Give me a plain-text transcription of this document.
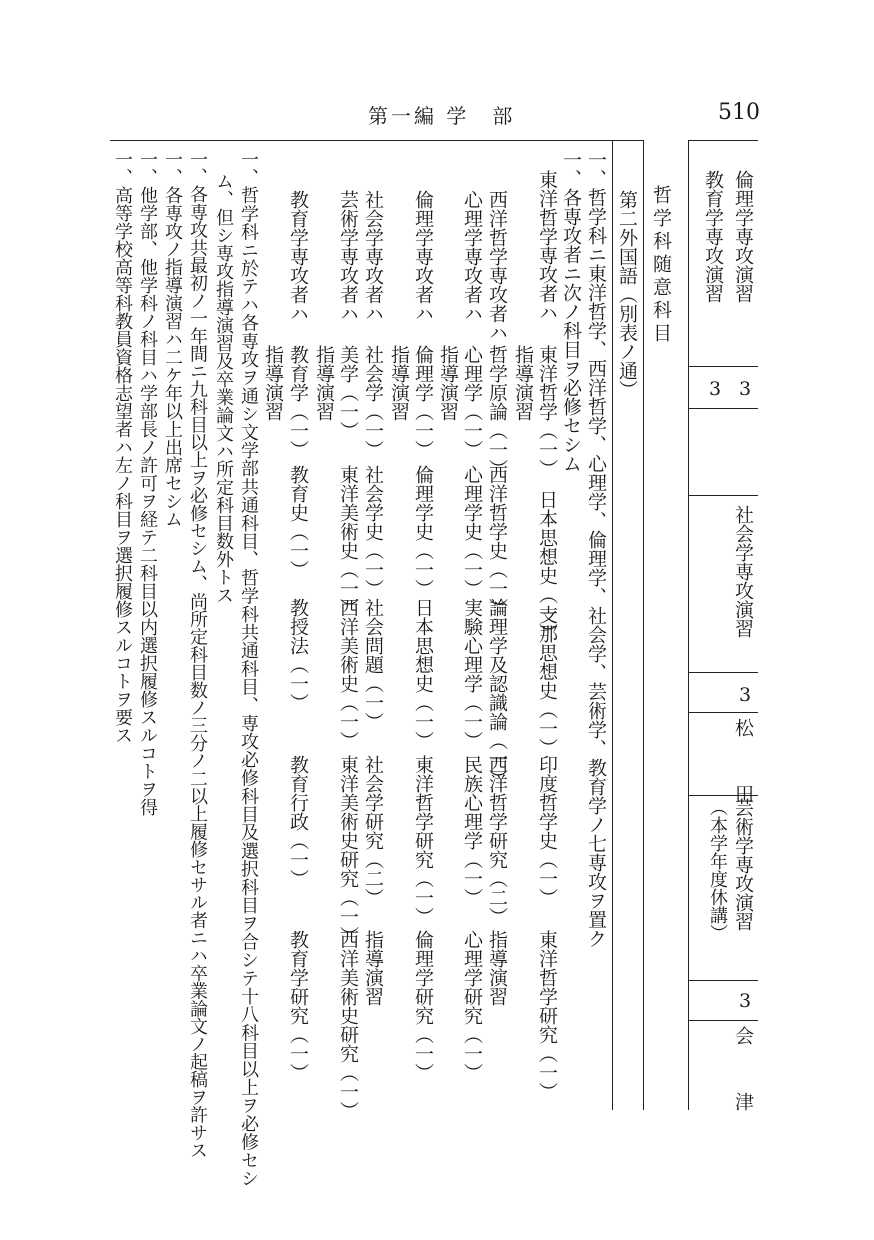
第一編 学　部	510
倫理学専攻演習
教育学専攻演習
3
3
社会学専攻演習
3
松　田
芸術学専攻演習
（本学年度休講）
3
会　津
哲学科随意科目
第二外国語（別表ノ通）
一、哲学科ニ東洋哲学、西洋哲学、心理学、倫理学、社会学、芸術学、教育学ノ七専攻ヲ置ク
一、各専攻者ニ次ノ科目ヲ必修セシム
東洋哲学専攻者ハ
東洋哲学（一）
日本思想史（一）
支那思想史（一）
印度哲学史（一）
東洋哲学研究（一）
指導演習
西洋哲学専攻者ハ
哲学原論（一）
西洋哲学史（一）
論理学及認識論（一）
西洋哲学研究（二）
指導演習
心理学専攻者ハ
心理学（一）
心理学史（一）
実験心理学（一）
民族心理学（一）
心理学研究（一）
指導演習
倫理学専攻者ハ
倫理学（一）
倫理学史（一）
日本思想史（一）
東洋哲学研究（一）
倫理学研究（一）
指導演習
社会学専攻者ハ
社会学（一）
社会学史（一）
社会問題（一）
社会学研究（二）
指導演習
芸術学専攻者ハ
美学（一）
東洋美術史（一）
西洋美術史（一）
東洋美術史研究（一）
西洋美術史研究（一）
指導演習
教育学専攻者ハ
教育学（一）
教育史（一）
教授法（一）
教育行政（一）
教育学研究（一）
指導演習
一、哲学科ニ於テハ各専攻ヲ通シ文学部共通科目、哲学科共通科目、専攻必修科目及選択科目ヲ合シテ十八科目以上ヲ必修セシ
ム、但シ専攻指導演習及卒業論文ハ所定科目数外トス
一、各専攻共最初ノ一年間ニ九科目以上ヲ必修セシム、尚所定科目数ノ三分ノ二以上履修セサル者ニハ卒業論文ノ起稿ヲ許サス
一、各専攻ノ指導演習ハ二ケ年以上出席セシム
一、他学部、他学科ノ科目ハ学部長ノ許可ヲ経テ二科目以内選択履修スルコトヲ得
一、高等学校高等科教員資格志望者ハ左ノ科目ヲ選択履修スルコトヲ要ス
